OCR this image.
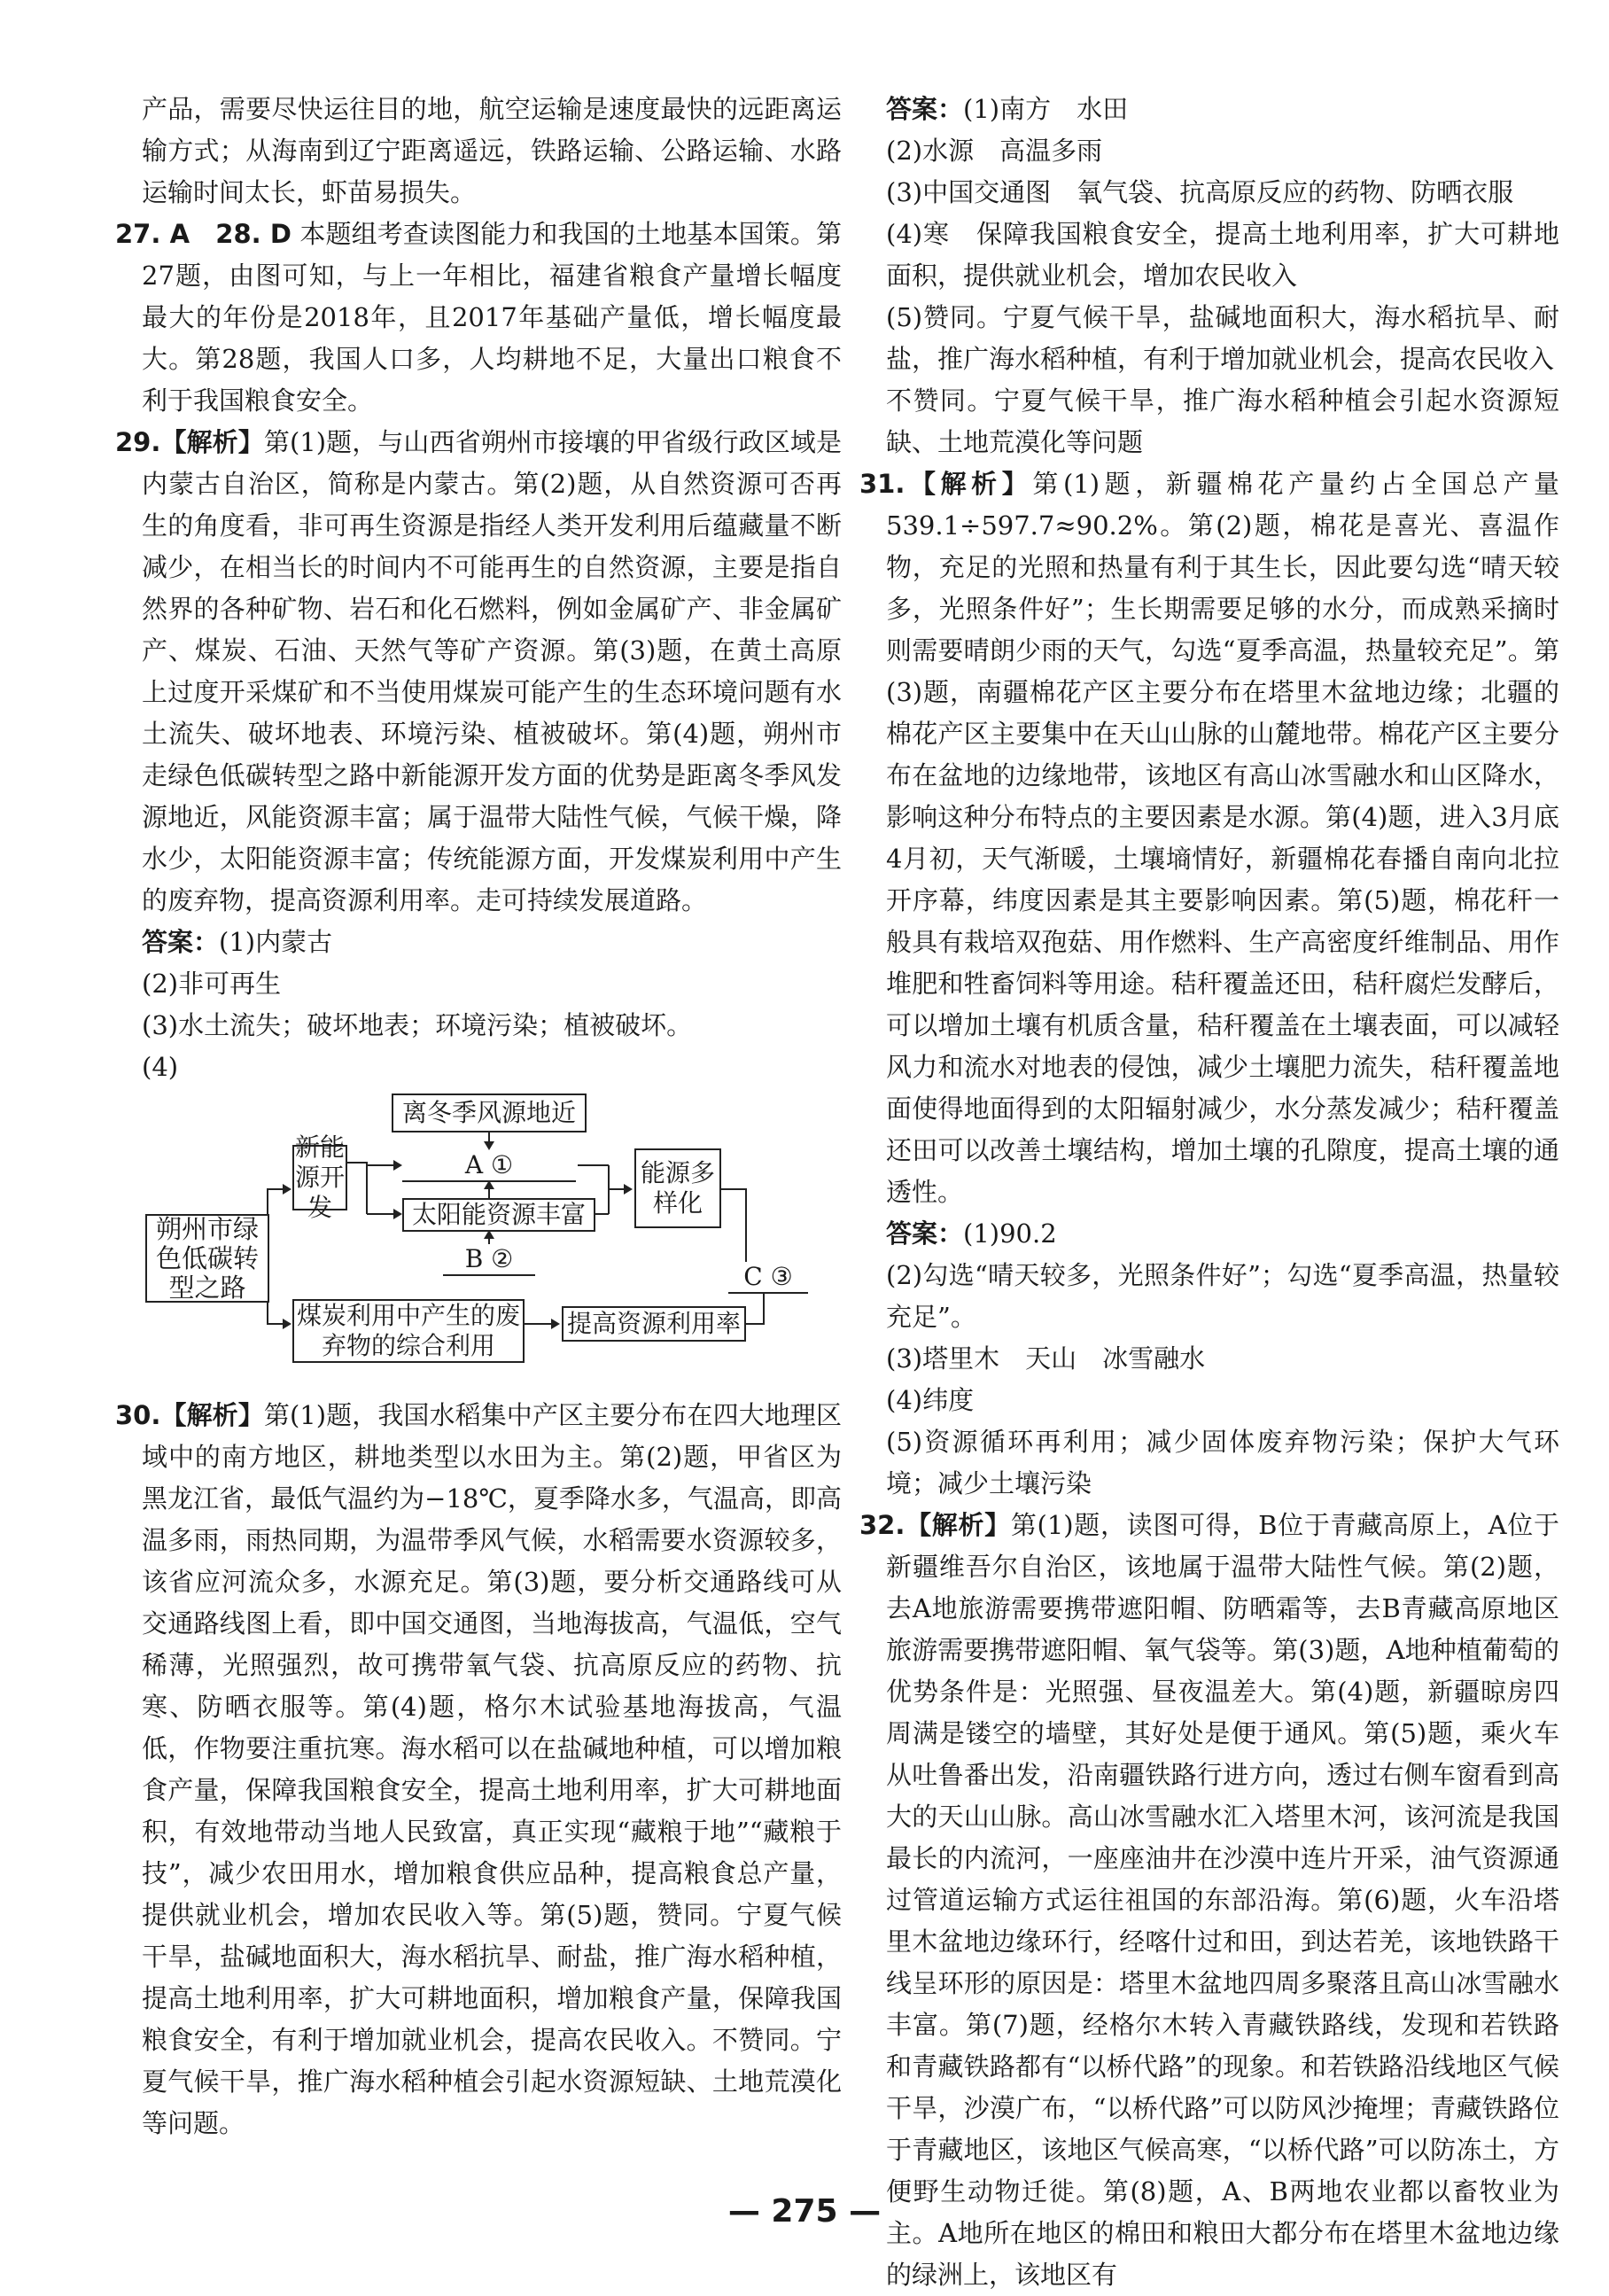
产品，需要尽快运往目的地，航空运输是速度最快的远距离运输方式；从海南到辽宁距离遥远，铁路运输、公路运输、水路运输时间太长，虾苗易损失。

27. A　28. D 本题组考查读图能力和我国的土地基本国策。第27题，由图可知，与上一年相比，福建省粮食产量增长幅度最大的年份是2018年，且2017年基础产量低，增长幅度最大。第28题，我国人口多，人均耕地不足，大量出口粮食不利于我国粮食安全。

29.【解析】第(1)题，与山西省朔州市接壤的甲省级行政区域是内蒙古自治区，简称是内蒙古。第(2)题，从自然资源可否再生的角度看，非可再生资源是指经人类开发利用后蕴藏量不断减少，在相当长的时间内不可能再生的自然资源，主要是指自然界的各种矿物、岩石和化石燃料，例如金属矿产、非金属矿产、煤炭、石油、天然气等矿产资源。第(3)题，在黄土高原上过度开采煤矿和不当使用煤炭可能产生的生态环境问题有水土流失、破坏地表、环境污染、植被破坏。第(4)题，朔州市走绿色低碳转型之路中新能源开发方面的优势是距离冬季风发源地近，风能资源丰富；属于温带大陆性气候，气候干燥，降水少，太阳能资源丰富；传统能源方面，开发煤炭利用中产生的废弃物，提高资源利用率。走可持续发展道路。

答案：(1)内蒙古

(2)非可再生

(3)水土流失；破坏地表；环境污染；植被破坏。

(4)

离冬季风源地近
A ①
新能源开发	太阳能资源丰富
B ②
能源多样化
朔州市绿色低碳转型之路	C ③
煤炭利用中产生的废弃物的综合利用
提高资源利用率

30.【解析】第(1)题，我国水稻集中产区主要分布在四大地理区域中的南方地区，耕地类型以水田为主。第(2)题，甲省区为黑龙江省，最低气温约为−18℃，夏季降水多，气温高，即高温多雨，雨热同期，为温带季风气候，水稻需要水资源较多，该省应河流众多，水源充足。第(3)题，要分析交通路线可从交通路线图上看，即中国交通图，当地海拔高，气温低，空气稀薄，光照强烈，故可携带氧气袋、抗高原反应的药物、抗寒、防晒衣服等。第(4)题，格尔木试验基地海拔高，气温低，作物要注重抗寒。海水稻可以在盐碱地种植，可以增加粮食产量，保障我国粮食安全，提高土地利用率，扩大可耕地面积，有效地带动当地人民致富，真正实现“藏粮于地”“藏粮于技”，减少农田用水，增加粮食供应品种，提高粮食总产量，提供就业机会，增加农民收入等。第(5)题，赞同。宁夏气候干旱，盐碱地面积大，海水稻抗旱、耐盐，推广海水稻种植，提高土地利用率，扩大可耕地面积，增加粮食产量，保障我国粮食安全，有利于增加就业机会，提高农民收入。不赞同。宁夏气候干旱，推广海水稻种植会引起水资源短缺、土地荒漠化等问题。

答案：(1)南方　水田

(2)水源　高温多雨

(3)中国交通图　氧气袋、抗高原反应的药物、防晒衣服

(4)寒　保障我国粮食安全，提高土地利用率，扩大可耕地面积，提供就业机会，增加农民收入

(5)赞同。宁夏气候干旱，盐碱地面积大，海水稻抗旱、耐盐，推广海水稻种植，有利于增加就业机会，提高农民收入

不赞同。宁夏气候干旱，推广海水稻种植会引起水资源短缺、土地荒漠化等问题

31.【解析】第(1)题，新疆棉花产量约占全国总产量539.1÷597.7≈90.2%。第(2)题，棉花是喜光、喜温作物，充足的光照和热量有利于其生长，因此要勾选“晴天较多，光照条件好”；生长期需要足够的水分，而成熟采摘时则需要晴朗少雨的天气，勾选“夏季高温，热量较充足”。第(3)题，南疆棉花产区主要分布在塔里木盆地边缘；北疆的棉花产区主要集中在天山山脉的山麓地带。棉花产区主要分布在盆地的边缘地带，该地区有高山冰雪融水和山区降水，影响这种分布特点的主要因素是水源。第(4)题，进入3月底4月初，天气渐暖，土壤墒情好，新疆棉花春播自南向北拉开序幕，纬度因素是其主要影响因素。第(5)题，棉花秆一般具有栽培双孢菇、用作燃料、生产高密度纤维制品、用作堆肥和牲畜饲料等用途。秸秆覆盖还田，秸秆腐烂发酵后，可以增加土壤有机质含量，秸秆覆盖在土壤表面，可以减轻风力和流水对地表的侵蚀，减少土壤肥力流失，秸秆覆盖地面使得地面得到的太阳辐射减少，水分蒸发减少；秸秆覆盖还田可以改善土壤结构，增加土壤的孔隙度，提高土壤的通透性。

答案：(1)90.2

(2)勾选“晴天较多，光照条件好”；勾选“夏季高温，热量较充足”。

(3)塔里木　天山　冰雪融水

(4)纬度

(5)资源循环再利用；减少固体废弃物污染；保护大气环境；减少土壤污染

32.【解析】第(1)题，读图可得，B位于青藏高原上，A位于新疆维吾尔自治区，该地属于温带大陆性气候。第(2)题，去A地旅游需要携带遮阳帽、防晒霜等，去B青藏高原地区旅游需要携带遮阳帽、氧气袋等。第(3)题，A地种植葡萄的优势条件是：光照强、昼夜温差大。第(4)题，新疆晾房四周满是镂空的墙壁，其好处是便于通风。第(5)题，乘火车从吐鲁番出发，沿南疆铁路行进方向，透过右侧车窗看到高大的天山山脉。高山冰雪融水汇入塔里木河，该河流是我国最长的内流河，一座座油井在沙漠中连片开采，油气资源通过管道运输方式运往祖国的东部沿海。第(6)题，火车沿塔里木盆地边缘环行，经喀什过和田，到达若羌，该地铁路干线呈环形的原因是：塔里木盆地四周多聚落且高山冰雪融水丰富。第(7)题，经格尔木转入青藏铁路线，发现和若铁路和青藏铁路都有“以桥代路”的现象。和若铁路沿线地区气候干旱，沙漠广布，“以桥代路”可以防风沙掩埋；青藏铁路位于青藏地区，该地区气候高寒，“以桥代路”可以防冻土，方便野生动物迁徙。第(8)题，A、B两地农业都以畜牧业为主。A地所在地区的棉田和粮田大都分布在塔里木盆地边缘的绿洲上，该地区有

— 275 —
